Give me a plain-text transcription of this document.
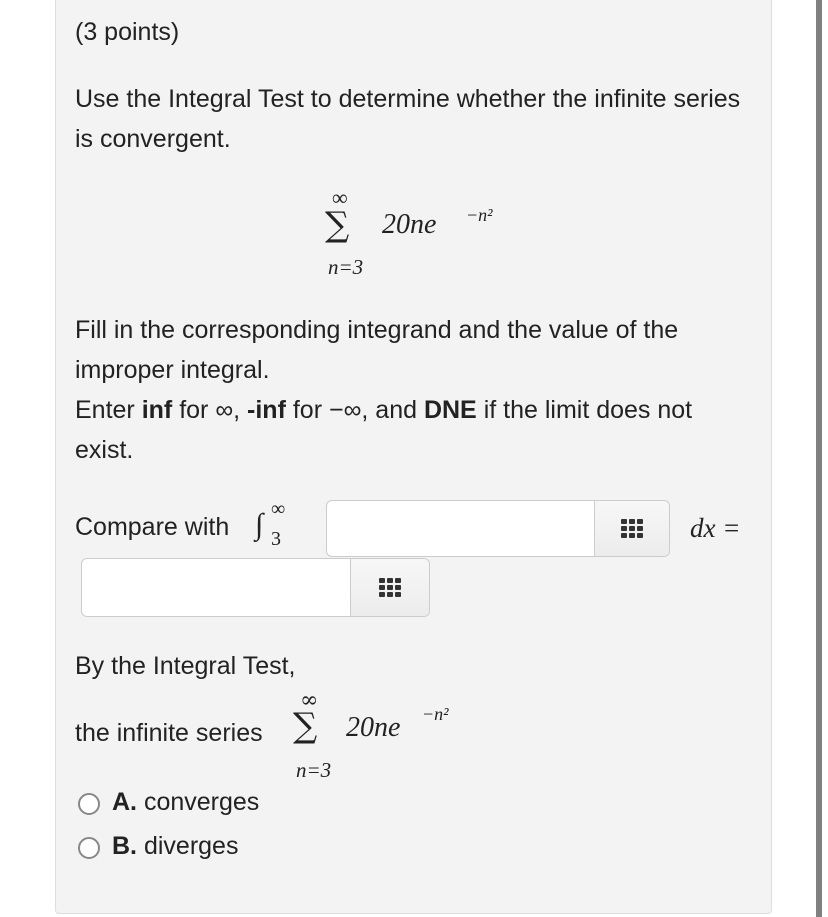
(3 points)
Use the Integral Test to determine whether the infinite series is convergent.
∞
∑ 20ne −n²
n=3
Fill in the corresponding integrand and the value of the improper integral.
Enter inf for ∞, -inf for −∞, and DNE if the limit does not exist.
Compare with ∫ ∞
3	dx =
By the Integral Test,
the infinite series
∞
∑ 20ne −n²
n=3
A. converges
B. diverges
